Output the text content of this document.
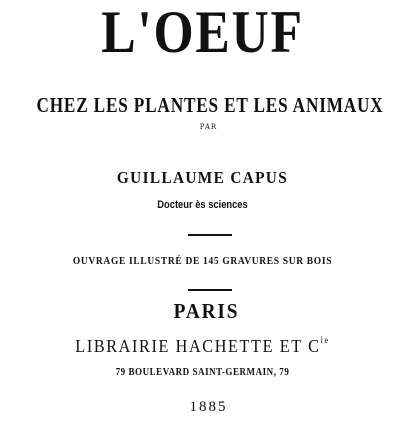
L'OEUF
CHEZ LES PLANTES ET LES ANIMAUX
PAR
GUILLAUME CAPUS
Docteur ès sciences
OUVRAGE ILLUSTRÉ DE 145 GRAVURES SUR BOIS
PARIS
LIBRAIRIE HACHETTE ET $C^{ie}$
79 BOULEVARD SAINT-GERMAIN, 79
1885
